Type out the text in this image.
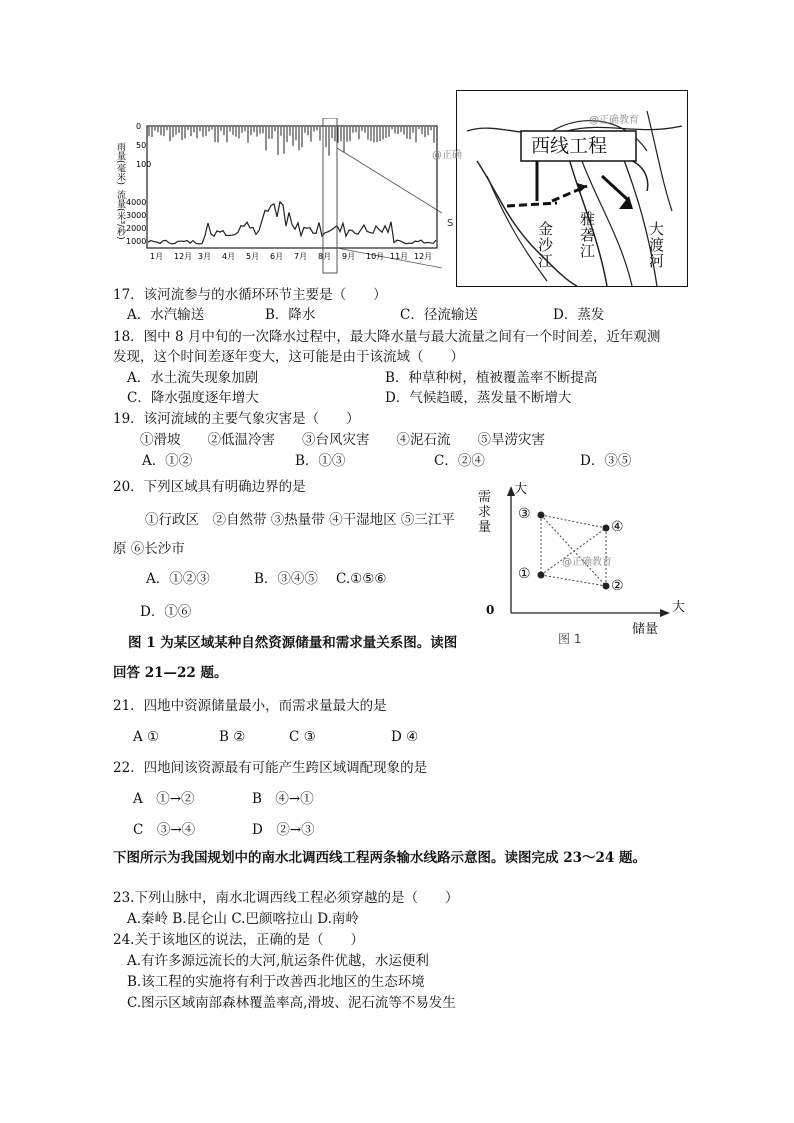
雨量(毫米)
流量(米³/秒)
0
50
100
1000
2000
3000
4000
1月 12月 3月 4月 5月 6月 7月 8月 9月 10月 11月 12月
@正确教育
西线工程
金沙江
雅砻江
大渡河
@正确
S
大
需求量
大
储量
0
③
④
①
②
@正确教育
图 1
17．该河流参与的水循环环节主要是（　　）
A．水汽输送	B．降水	C．径流输送	D．蒸发
18．图中 8 月中旬的一次降水过程中，最大降水量与最大流量之间有一个时间差，近年观测
发现，这个时间差逐年变大，这可能是由于该流域（　　）
A．水土流失现象加剧	B．种草种树，植被覆盖率不断提高
C．降水强度逐年增大	D．气候趋暖，蒸发量不断增大
19．该河流域的主要气象灾害是（　　）
①滑坡　　②低温冷害　　③台风灾害　　④泥石流　　⑤旱涝灾害
A．①②	B．①③	C．②④	D．③⑤
20．下列区域具有明确边界的是
①行政区　②自然带 ③热量带 ④干湿地区 ⑤三江平
原 ⑥长沙市
A．①②③	B．③④⑤ C.①⑤⑥
D．①⑥
图 1 为某区域某种自然资源储量和需求量关系图。读图
回答 21—22 题。
21．四地中资源储量最小，而需求量最大的是
A ①	B ②	C ③	D ④
22．四地间该资源最有可能产生跨区域调配现象的是
A　①→②	B　④→①
C　③→④	D　②→③
下图所示为我国规划中的南水北调西线工程两条输水线路示意图。读图完成 23～24 题。
23.下列山脉中，南水北调西线工程必须穿越的是（　　）
A.秦岭 B.昆仑山 C.巴颜喀拉山 D.南岭
24.关于该地区的说法，正确的是（　　）
A.有许多源远流长的大河,航运条件优越，水运便利
B.该工程的实施将有利于改善西北地区的生态环境
C.图示区域南部森林覆盖率高,滑坡、泥石流等不易发生
